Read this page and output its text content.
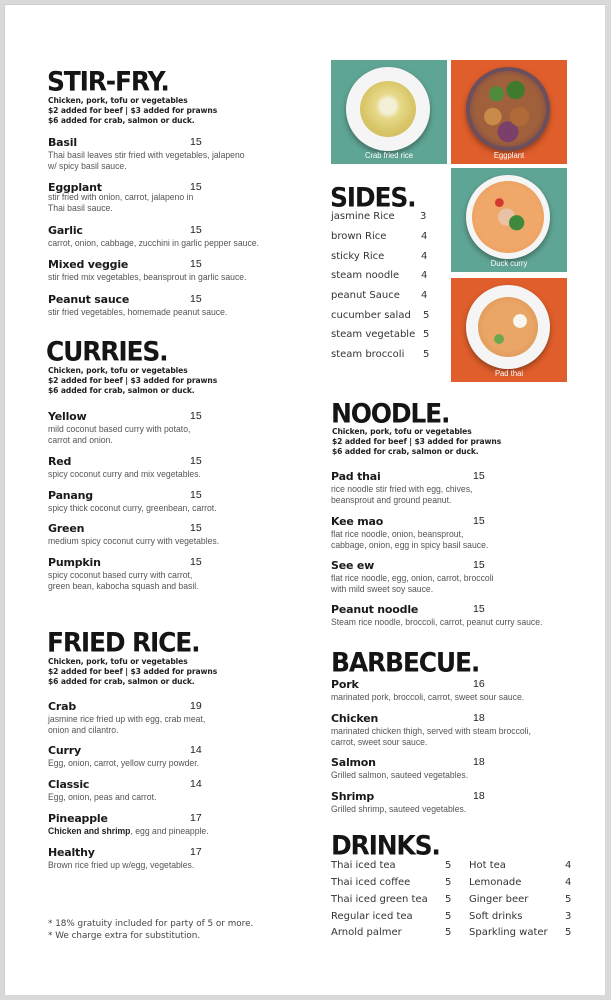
STIR-FRY.
Chicken, pork, tofu or vegetables
$2 added for beef | $3 added for prawns
$6 added for crab, salmon or duck.
Basil	15
Thai basil leaves stir fried with vegetables, jalapeno
w/ spicy basil sauce.
Eggplant	15
stir fried with onion, carrot, jalapeno in
Thai basil sauce.
Garlic	15
carrot, onion, cabbage, zucchini in garlic pepper sauce.
Mixed veggie	15
stir fried mix vegetables, beansprout in garlic sauce.
Peanut sauce	15
stir fried vegetables, homemade peanut sauce.
CURRIES.
Chicken, pork, tofu or vegetables
$2 added for beef | $3 added for prawns
$6 added for crab, salmon or duck.
Yellow	15
mild coconut based curry with potato,
carrot and onion.
Red	15
spicy coconut curry and mix vegetables.
Panang	15
spicy thick coconut curry, greenbean, carrot.
Green	15
medium spicy coconut curry with vegetables.
Pumpkin	15
spicy coconut based curry with carrot,
green bean, kabocha squash and basil.
FRIED RICE.
Chicken, pork, tofu or vegetables
$2 added for beef | $3 added for prawns
$6 added for crab, salmon or duck.
Crab	19
jasmine rice fried up with egg, crab meat,
onion and cilantro.
Curry	14
Egg, onion, carrot, yellow curry powder.
Classic	14
Egg, onion, peas and carrot.
Pineapple	17
Chicken and shrimp, egg and pineapple.
Healthy	17
Brown rice fried up w/egg, vegetables.
* 18% gratuity included for party of 5 or more.
* We charge extra for substitution.
Crab fried rice	Eggplant
Duck curry
Pad thai
SIDES.
jasmine Rice	3
brown Rice	4
sticky Rice	4
steam noodle 4
peanut Sauce 4
cucumber salad 5
steam vegetable 5
steam broccoli 5
NOODLE.
Chicken, pork, tofu or vegetables
$2 added for beef | $3 added for prawns
$6 added for crab, salmon or duck.
Pad thai	15
rice noodle stir fried with egg, chives,
beansprout and ground peanut.
Kee mao	15
flat rice noodle, onion, beansprout,
cabbage, onion, egg in spicy basil sauce.
See ew	15
flat rice noodle, egg, onion, carrot, broccoli
with mild sweet soy sauce.
Peanut noodle	15
Steam rice noodle, broccoli, carrot, peanut curry sauce.
BARBECUE.
Pork	16
marinated pork, broccoli, carrot, sweet sour sauce.
Chicken	18
marinated chicken thigh, served with steam broccoli,
carrot, sweet sour sauce.
Salmon	18
Grilled salmon, sauteed vegetables.
Shrimp	18
Grilled shrimp, sauteed vegetables.
DRINKS.
Thai iced tea	5
Thai iced coffee	5
Thai iced green tea 5
Regular iced tea	5
Arnold palmer	5
Hot tea	4
Lemonade	4
Ginger beer	5
Soft drinks	3
Sparkling water 5
